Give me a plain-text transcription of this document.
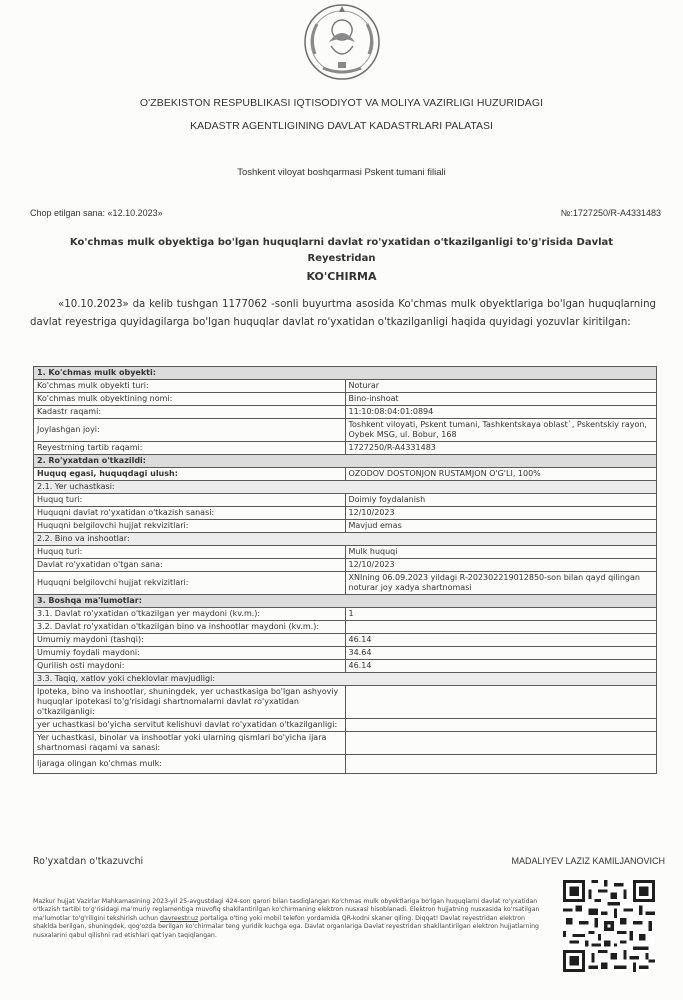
O'ZBEKISTON RESPUBLIKASI IQTISODIYOT VA MOLIYA VAZIRLIGI HUZURIDAGI
KADASTR AGENTLIGINING DAVLAT KADASTRLARI PALATASI
Toshkent viloyat boshqarmasi Pskent tumani filiali
Chop etilgan sana: «12.10.2023»	№:1727250/R-A4331483
Ko'chmas mulk obyektiga bo'lgan huquqlarni davlat ro'yxatidan o'tkazilganligi to'g'risida Davlat Reyestridan
KO'CHIRMA
«10.10.2023» da kelib tushgan 1177062 -sonli buyurtma asosida Ko'chmas mulk obyektlariga bo'lgan huquqlarning davlat reyestriga quyidagilarga bo'lgan huquqlar davlat ro'yxatidan o'tkazilganligi haqida quyidagi yozuvlar kiritilgan:
1. Ko'chmas mulk obyekti:	
Ko'chmas mulk obyekti turi:	Noturar
Ko'chmas mulk obyektining nomi:	Bino-inshoat
Kadastr raqami:	11:10:08:04:01:0894
Joylashgan joyi:	Toshkent viloyati, Pskent tumani, Tashkentskaya oblast`, Pskentskiy rayon, Oybek MSG, ul. Bobur, 168
Reyestrning tartib raqami:	1727250/R-A4331483
2. Ro'yxatdan o'tkazildi:	
Huquq egasi, huquqdagi ulush:	OZODOV DOSTONJON RUSTAMJON O'G'LI, 100%
2.1. Yer uchastkasi:	
Huquq turi:	Doimiy foydalanish
Huquqni davlat ro'yxatidan o'tkazish sanasi:	12/10/2023
Huquqni belgilovchi hujjat rekvizitlari:	Mavjud emas
2.2. Bino va inshootlar:	
Huquq turi:	Mulk huquqi
Davlat ro'yxatidan o'tgan sana:	12/10/2023
Huquqni belgilovchi hujjat rekvizitlari:	XNIning 06.09.2023 yildagi R-202302219012850-son bilan qayd qilingan noturar joy xadya shartnomasi
3. Boshqa ma'lumotlar:	
3.1. Davlat ro'yxatidan o'tkazilgan yer maydoni (kv.m.):	1
3.2. Davlat ro'yxatidan o'tkazilgan bino va inshootlar maydoni (kv.m.):	
Umumiy maydoni (tashqi):	46.14
Umumiy foydali maydoni:	34.64
Qurilish osti maydoni:	46.14
3.3. Taqiq, xatlov yoki cheklovlar mavjudligi:	
Ipoteka, bino va inshootlar, shuningdek, yer uchastkasiga bo'lgan ashyoviy huquqlar ipotekasi to'g'risidagi shartnomalarni davlat ro'yxatidan o'tkazilganligi:	
yer uchastkasi bo'yicha servitut kelishuvi davlat ro'yxatidan o'tkazilganligi:	
Yer uchastkasi, binolar va inshootlar yoki ularning qismlari bo'yicha ijara shartnomasi raqami va sanasi:	
Ijaraga olingan ko'chmas mulk:	
Ro'yxatdan o'tkazuvchi	MADALIYEV LAZIZ KAMILJANOVICH
Mazkur hujjat Vazirlar Mahkamasining 2023-yil 25-avgustdagi 424-son qarori bilan tasdiqlangan Ko'chmas mulk obyektlariga bo'lgan huquqlarni davlat ro'yxatidan o'tkazish tartibi to'g'risidagi ma'muriy reglamentiga muvofiq shakllantirilgan ko'chirmaning elektron nusxasi hisoblanadi. Elektron hujjatning nusxasida ko'rsatilgan ma'lumotlar to'g'riligini tekshirish uchun davreestr.uz portaliga o'ting yoki mobil telefon yordamida QR-kodni skaner qiling. Diqqat! Davlat reyestridan elektron shaklda berilgan, shuningdek, qog'ozda berilgan ko'chirmalar teng yuridik kuchga ega. Davlat organlariga Davlat reyestridan shakllantirilgan elektron hujjatlarning nusxalarini qabul qilishni rad etishlari qat'iyan taqiqlangan.
